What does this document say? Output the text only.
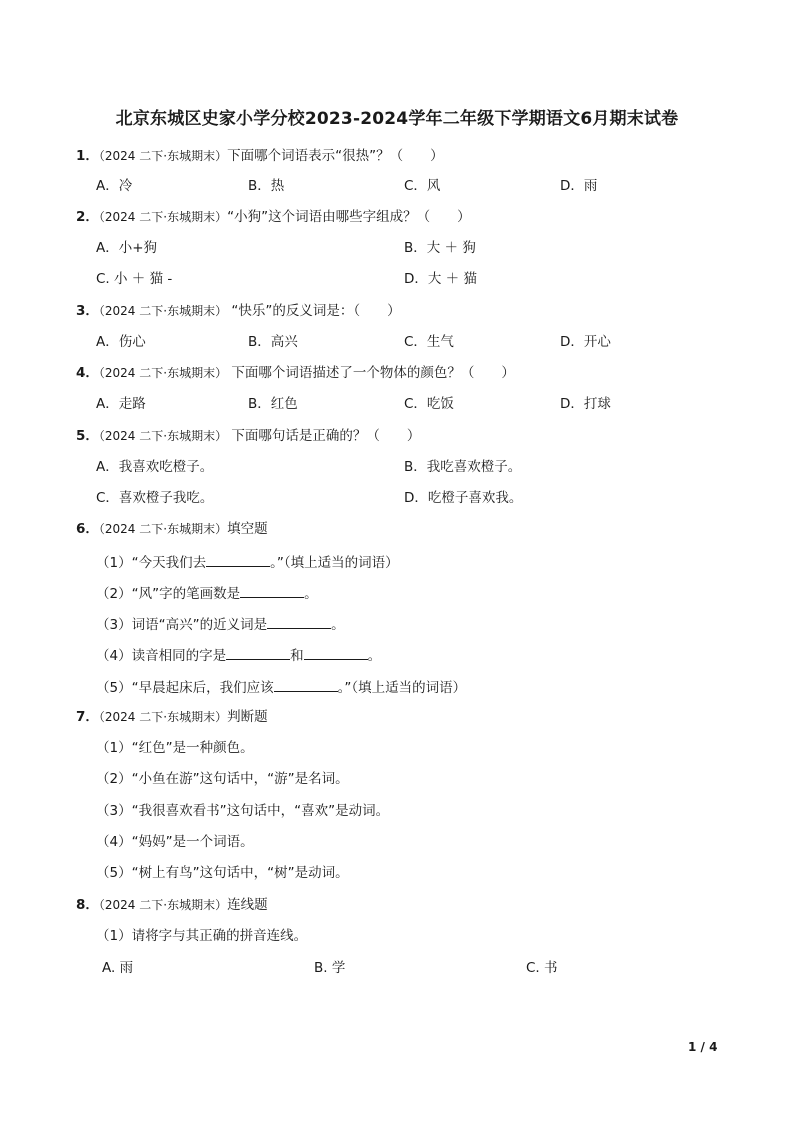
北京东城区史家小学分校2023-2024学年二年级下学期语文6月期末试卷
1．（2024 二下·东城期末）下面哪个词语表示“很热”？（　　）
A．冷	B．热	C．风	D．雨
2．（2024 二下·东城期末）“小狗”这个词语由哪些字组成？（　　）
A．小+狗	B．大 ＋ 狗
C. 小 ＋ 猫 -	D．大 ＋ 猫
3．（2024 二下·东城期末） “快乐”的反义词是：（　　）
A．伤心	B．高兴	C．生气	D．开心
4．（2024 二下·东城期末） 下面哪个词语描述了一个物体的颜色？（　　）
A．走路	B．红色	C．吃饭	D．打球
5．（2024 二下·东城期末） 下面哪句话是正确的？（　　）
A．我喜欢吃橙子。	B．我吃喜欢橙子。
C．喜欢橙子我吃。	D．吃橙子喜欢我。
6．（2024 二下·东城期末）填空题
（1）“今天我们去	。”（填上适当的词语）
（2）“风”字的笔画数是	。
（3）词语“高兴”的近义词是	。
（4）读音相同的字是	和	。
（5）“早晨起床后，我们应该	。”（填上适当的词语）
7．（2024 二下·东城期末）判断题
（1）“红色”是一种颜色。
（2）“小鱼在游”这句话中，“游”是名词。
（3）“我很喜欢看书”这句话中，“喜欢”是动词。
（4）“妈妈”是一个词语。
（5）“树上有鸟”这句话中，“树”是动词。
8．（2024 二下·东城期末）连线题
（1）请将字与其正确的拼音连线。
A. 雨	B. 学	C. 书
1 / 4
